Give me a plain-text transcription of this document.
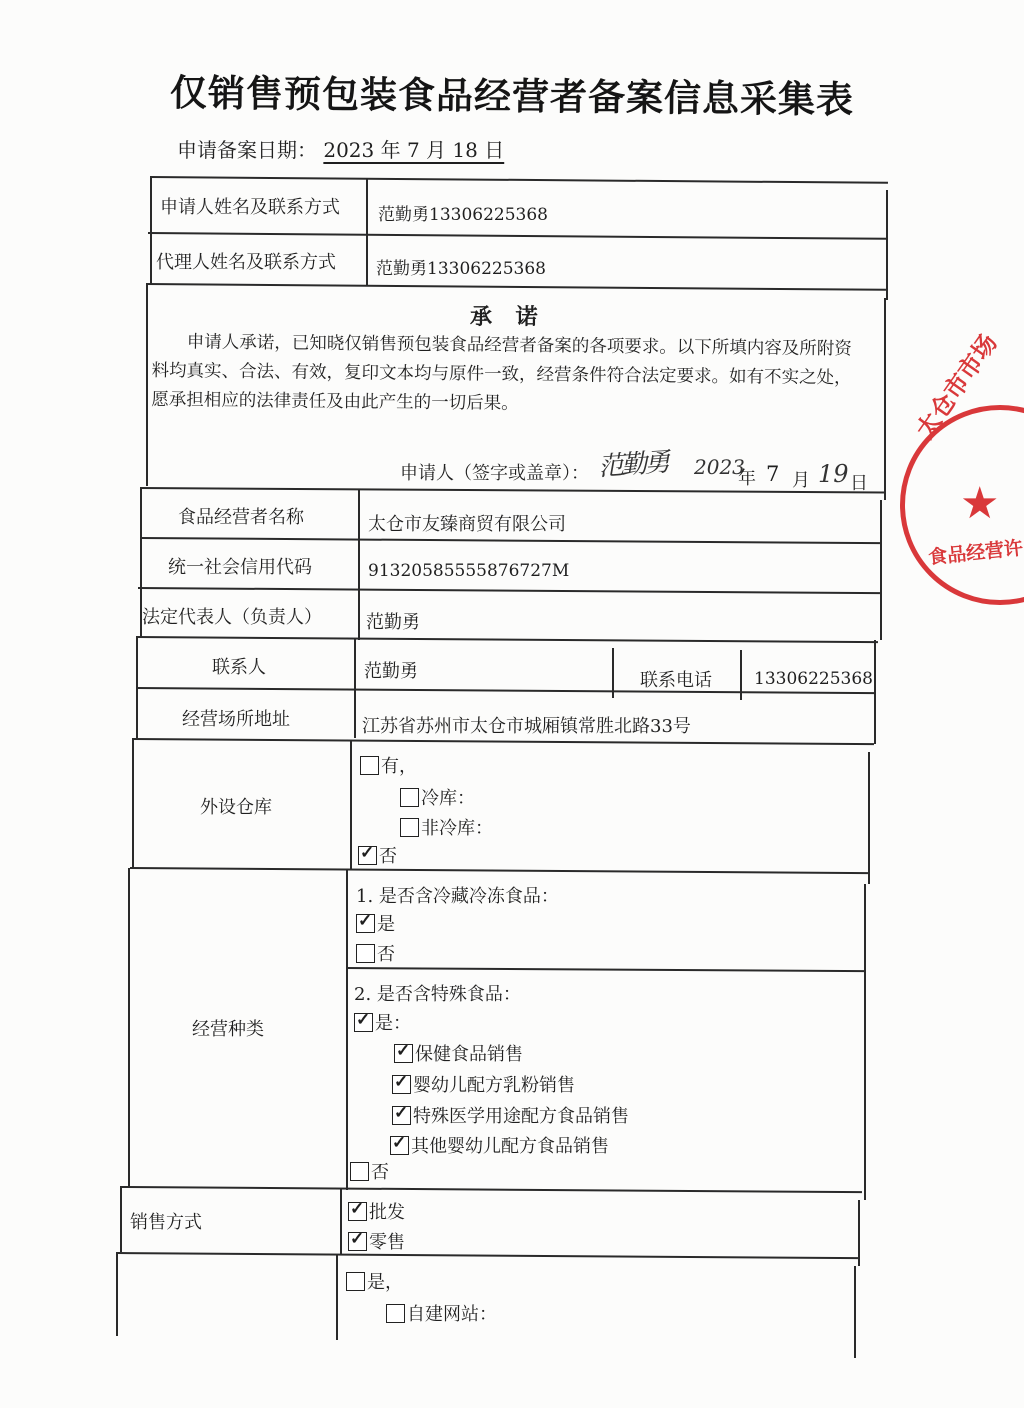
仅销售预包装食品经营者备案信息采集表
申请备案日期： 2023 年 7 月 18 日
申请人姓名及联系方式 范勤勇13306225368
代理人姓名及联系方式 范勤勇13306225368
承 诺
申请人承诺，已知晓仅销售预包装食品经营者备案的各项要求。以下所填内容及所附资料均真实、合法、有效，复印文本均与原件一致，经营条件符合法定要求。如有不实之处，愿承担相应的法律责任及由此产生的一切后果。
申请人（签字或盖章）： 范勤勇 2023
年 7 月 19 日
食品经营者名称	太仓市友臻商贸有限公司
统一社会信用代码	91320585555876727M
法定代表人（负责人） 范勤勇
联系人	范勤勇	联系电话 13306225368
经营场所地址	江苏省苏州市太仓市城厢镇常胜北路33号
外设仓库
有，
冷库：
非冷库：
✓否
经营种类
1. 是否含冷藏冷冻食品：
✓是
否
2. 是否含特殊食品：
✓是：
✓保健食品销售
✓婴幼儿配方乳粉销售
✓特殊医学用途配方食品销售
✓其他婴幼儿配方食品销售
否
销售方式
✓	批发
✓零售
是，
自建网站：
太仓市市场
食品经营许
★
